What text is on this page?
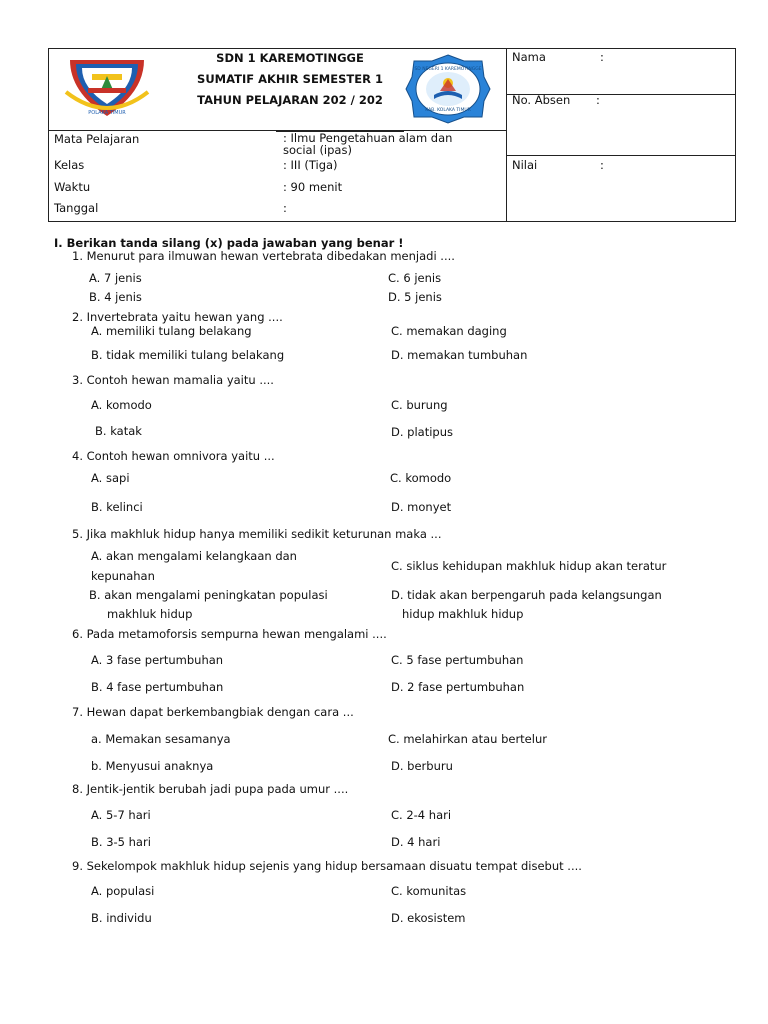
POLAKA TIMUR
SDN 1 KAREMOTINGGE
SUMATIF AKHIR SEMESTER 1
TAHUN PELAJARAN 202 / 202
SD NEGERI 1 KAREMOTINGGE
KAB. KOLAKA TIMUR
Nama	:
No. Absen :
Nilai	:
Mata Pelajaran	: Ilmu Pengetahuan alam dan social (ipas)
Kelas	: III (Tiga)
Waktu	: 90 menit
Tanggal	:
I. Berikan tanda silang (x) pada jawaban yang benar !
1. Menurut para ilmuwan hewan vertebrata dibedakan menjadi ....
A. 7 jenis	C. 6 jenis
B. 4 jenis	D. 5 jenis
2. Invertebrata yaitu hewan yang ....
A. memiliki tulang belakang	C. memakan daging
B. tidak memiliki tulang belakang	D. memakan tumbuhan
3. Contoh hewan mamalia yaitu ....
A. komodo	C. burung
B. katak	D. platipus
4. Contoh hewan omnivora yaitu ...
A. sapi	C. komodo
B. kelinci	D. monyet
5. Jika makhluk hidup hanya memiliki sedikit keturunan maka ...
A. akan mengalami kelangkaan dan
kepunahan
C. siklus kehidupan makhluk hidup akan teratur
B. akan mengalami peningkatan populasi
makhluk hidup
D. tidak akan berpengaruh pada kelangsungan
hidup makhluk hidup
6. Pada metamoforsis sempurna hewan mengalami ....
A. 3 fase pertumbuhan	C. 5 fase pertumbuhan
B. 4 fase pertumbuhan	D. 2 fase pertumbuhan
7. Hewan dapat berkembangbiak dengan cara ...
a. Memakan sesamanya	C. melahirkan atau bertelur
b. Menyusui anaknya	D. berburu
8. Jentik-jentik berubah jadi pupa pada umur ....
A. 5-7 hari	C. 2-4 hari
B. 3-5 hari	D. 4 hari
9. Sekelompok makhluk hidup sejenis yang hidup bersamaan disuatu tempat disebut ....
A. populasi	C. komunitas
B. individu	D. ekosistem
